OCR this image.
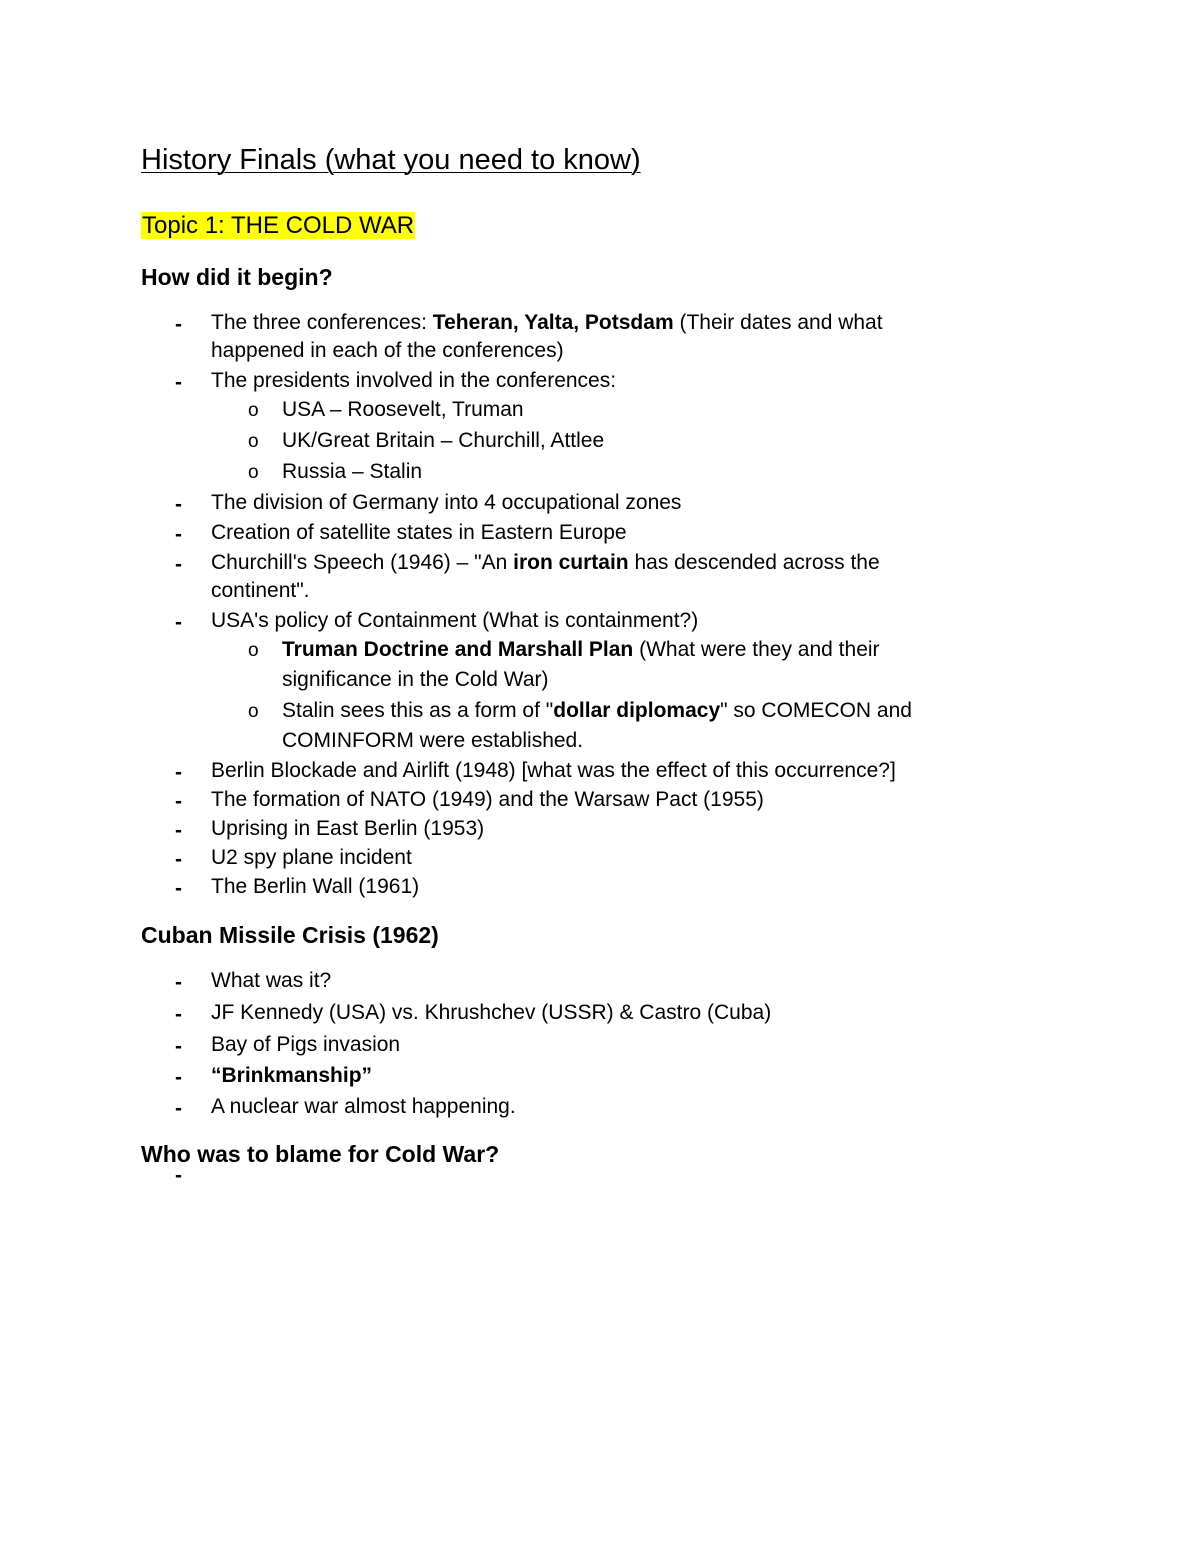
History Finals (what you need to know)
Topic 1: THE COLD WAR
How did it begin?
- The three conferences: Teheran, Yalta, Potsdam (Their dates and what
happened in each of the conferences)
- The presidents involved in the conferences:
o USA – Roosevelt, Truman
o UK/Great Britain – Churchill, Attlee
o Russia – Stalin
- The division of Germany into 4 occupational zones
- Creation of satellite states in Eastern Europe
- Churchill's Speech (1946) – "An iron curtain has descended across the
continent".
- USA's policy of Containment (What is containment?)
o Truman Doctrine and Marshall Plan (What were they and their
significance in the Cold War)
o Stalin sees this as a form of "dollar diplomacy" so COMECON and
COMINFORM were established.
- Berlin Blockade and Airlift (1948) [what was the effect of this occurrence?]
- The formation of NATO (1949) and the Warsaw Pact (1955)
- Uprising in East Berlin (1953)
- U2 spy plane incident
- The Berlin Wall (1961)
Cuban Missile Crisis (1962)
- What was it?
- JF Kennedy (USA) vs. Khrushchev (USSR) & Castro (Cuba)
- Bay of Pigs invasion
- “Brinkmanship”
- A nuclear war almost happening.
Who was to blame for Cold War?
-
